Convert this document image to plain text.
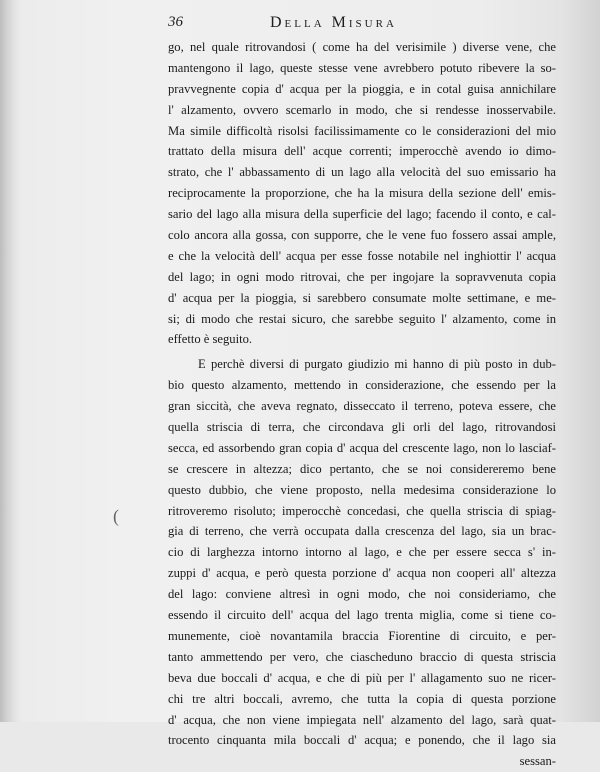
36	Della Misura
go, nel quale ritrovandosi ( come ha del verisimile ) diverse vene, che
mantengono il lago, queste stesse vene avrebbero potuto ribevere la so-
pravvegnente copia d' acqua per la pioggia, e in cotal guisa annichilare
l' alzamento, ovvero scemarlo in modo, che si rendesse inosservabile.
Ma simile difficoltà risolsi facilissimamente co le considerazioni del mio
trattato della misura dell' acque correnti; imperocchè avendo io dimo-
strato, che l' abbassamento di un lago alla velocità del suo emissario ha
reciprocamente la proporzione, che ha la misura della sezione dell' emis-
sario del lago alla misura della superficie del lago; facendo il conto, e cal-
colo ancora alla gossa, con supporre, che le vene fuo fossero assai ample,
e che la velocità dell' acqua per esse fosse notabile nel inghiottir l' acqua
del lago; in ogni modo ritrovai, che per ingojare la sopravvenuta copia
d' acqua per la pioggia, si sarebbero consumate molte settimane, e me-
si; di modo che restai sicuro, che sarebbe seguito l' alzamento, come in
effetto è seguito.
E perchè diversi di purgato giudizio mi hanno di più posto in dub-
bio questo alzamento, mettendo in considerazione, che essendo per la
gran siccità, che aveva regnato, disseccato il terreno, poteva essere, che
quella striscia di terra, che circondava gli orli del lago, ritrovandosi
secca, ed assorbendo gran copia d' acqua del crescente lago, non lo lasciaf-
se crescere in altezza; dico pertanto, che se noi considereremo bene
questo dubbio, che viene proposto, nella medesima considerazione lo
ritroveremo risoluto; imperocchè concedasi, che quella striscia di spiag-
gia di terreno, che verrà occupata dalla crescenza del lago, sia un brac-
cio di larghezza intorno intorno al lago, e che per essere secca s' in-
zuppi d' acqua, e però questa porzione d' acqua non cooperi all' altezza
del lago: conviene altresì in ogni modo, che noi consideriamo, che
essendo il circuito dell' acqua del lago trenta miglia, come si tiene co-
munemente, cioè novantamila braccia Fiorentine di circuito, e per-
tanto ammettendo per vero, che ciascheduno braccio di questa striscia
beva due boccali d' acqua, e che di più per l' allagamento suo ne ricer-
chi tre altri boccali, avremo, che tutta la copia di questa porzione
d' acqua, che non viene impiegata nell' alzamento del lago, sarà quat-
trocento cinquanta mila boccali d' acqua; e ponendo, che il lago sia
sessan-
(
